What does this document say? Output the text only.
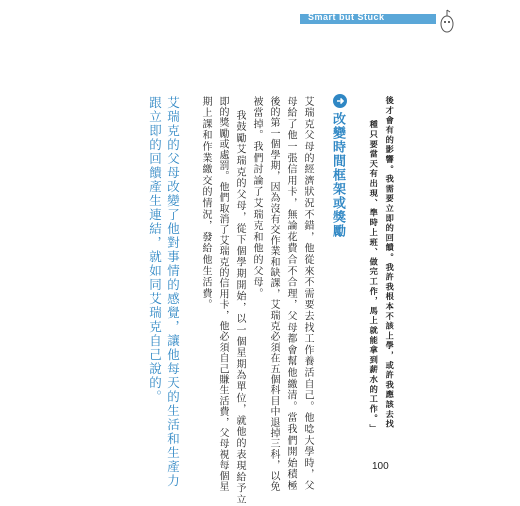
Smart but Stuck
後才會有的影響。我需要立即的回饋。我許我根本不該上學，或許我應該去找
種只要當天有出現、準時上班、做完工作，馬上就能拿到薪水的工作。」
改變時間框架或獎勵
艾瑞克父母的經濟狀況不錯，他從來不需要去找工作養活自己。他唸大學時，父
母給了他一張信用卡，無論花費合不合理，父母都會幫他繳清。當我們開始積極
後的第一個學期，因為沒有交作業和缺課，艾瑞克必須在五個科目中退掉三科，以免
被當掉。我們討論了艾瑞克和他的父母。
我鼓勵艾瑞克的父母，從下個學期開始，以一個星期為單位，就他的表現給予立
即的獎勵或處罰。他們取消了艾瑞克的信用卡，他必須自己賺生活費，父母視每個星
期上課和作業繳交的情況，發給他生活費。
艾瑞克的父母改變了他對事情的感覺，讓他每天的生活和生產力
跟立即的回饋產生連結，就如同艾瑞克自己說的。
100
